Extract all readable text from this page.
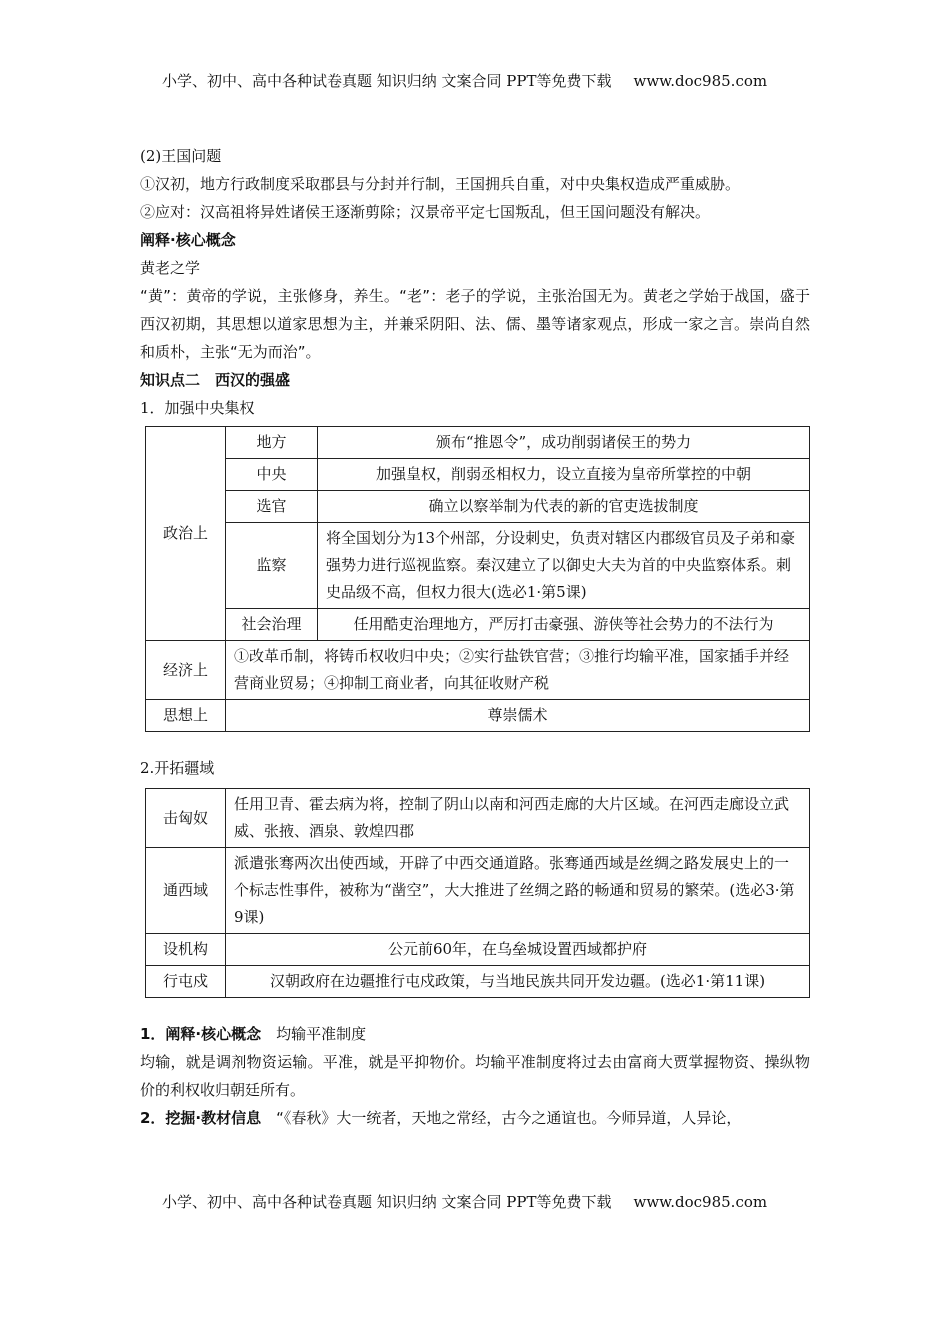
小学、初中、高中各种试卷真题 知识归纳 文案合同 PPT等免费下载 www.doc985.com

(2)王国问题

①汉初，地方行政制度采取郡县与分封并行制，王国拥兵自重，对中央集权造成严重威胁。

②应对：汉高祖将异姓诸侯王逐渐剪除；汉景帝平定七国叛乱，但王国问题没有解决。

阐释·核心概念

黄老之学

“黄”：黄帝的学说，主张修身，养生。“老”：老子的学说，主张治国无为。黄老之学始于战国，盛于西汉初期，其思想以道家思想为主，并兼采阴阳、法、儒、墨等诸家观点，形成一家之言。崇尚自然和质朴，主张“无为而治”。

知识点二　西汉的强盛

1．加强中央集权

政治上	地方	颁布“推恩令”，成功削弱诸侯王的势力
	中央	加强皇权，削弱丞相权力，设立直接为皇帝所掌控的中朝
	选官	确立以察举制为代表的新的官吏选拔制度
	监察	将全国划分为13个州部，分设刺史，负责对辖区内郡级官员及子弟和豪强势力进行巡视监察。秦汉建立了以御史大夫为首的中央监察体系。刺史品级不高，但权力很大(选必1·第5课)
	社会治理	任用酷吏治理地方，严厉打击豪强、游侠等社会势力的不法行为
经济上	①改革币制，将铸币权收归中央；②实行盐铁官营；③推行均输平准，国家插手并经营商业贸易；④抑制工商业者，向其征收财产税	
思想上	尊崇儒术	

2.开拓疆域

击匈奴	任用卫青、霍去病为将，控制了阴山以南和河西走廊的大片区域。在河西走廊设立武威、张掖、酒泉、敦煌四郡
通西域	派遣张骞两次出使西域，开辟了中西交通道路。张骞通西域是丝绸之路发展史上的一个标志性事件，被称为“凿空”，大大推进了丝绸之路的畅通和贸易的繁荣。(选必3·第9课)
设机构	公元前60年，在乌垒城设置西域都护府
行屯戍	汉朝政府在边疆推行屯戍政策，与当地民族共同开发边疆。(选必1·第11课)

1．阐释·核心概念　 均输平准制度

均输，就是调剂物资运输。平准，就是平抑物价。均输平准制度将过去由富商大贾掌握物资、操纵物价的利权收归朝廷所有。

2．挖掘·教材信息　 “《春秋》大一统者，天地之常经，古今之通谊也。今师异道，人异论，

小学、初中、高中各种试卷真题 知识归纳 文案合同 PPT等免费下载 www.doc985.com
